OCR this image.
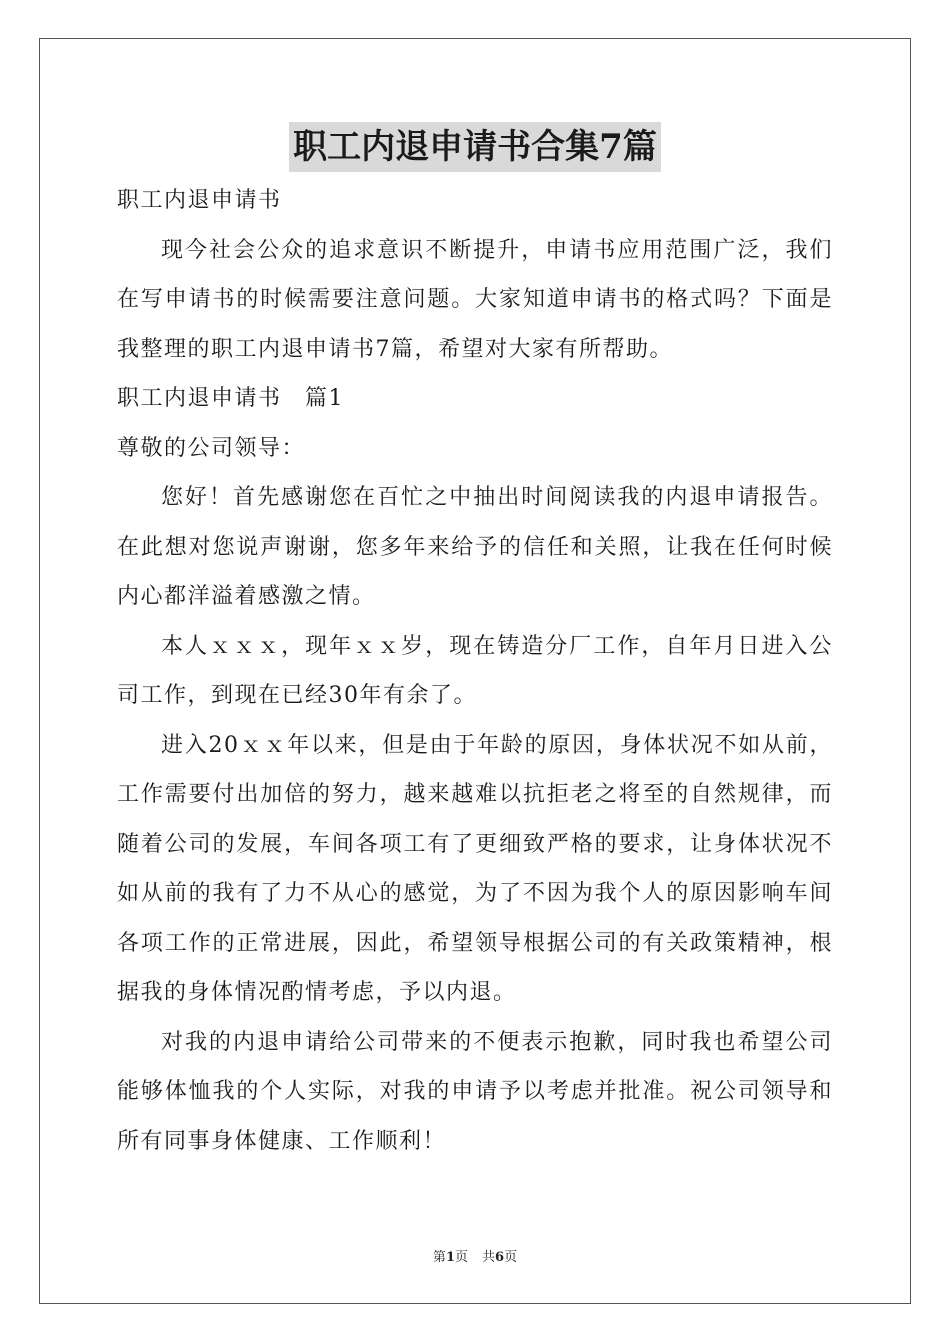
职工内退申请书合集7篇

职工内退申请书

现今社会公众的追求意识不断提升，申请书应用范围广泛，我们在写申请书的时候需要注意问题。大家知道申请书的格式吗？下面是我整理的职工内退申请书7篇，希望对大家有所帮助。

职工内退申请书　篇1

尊敬的公司领导：

您好！首先感谢您在百忙之中抽出时间阅读我的内退申请报告。在此想对您说声谢谢，您多年来给予的信任和关照，让我在任何时候内心都洋溢着感激之情。

本人ｘｘｘ，现年ｘｘ岁，现在铸造分厂工作，自年月日进入公司工作，到现在已经30年有余了。

进入20ｘｘ年以来，但是由于年龄的原因，身体状况不如从前，工作需要付出加倍的努力，越来越难以抗拒老之将至的自然规律，而随着公司的发展，车间各项工有了更细致严格的要求，让身体状况不如从前的我有了力不从心的感觉，为了不因为我个人的原因影响车间各项工作的正常进展，因此，希望领导根据公司的有关政策精神，根据我的身体情况酌情考虑，予以内退。

对我的内退申请给公司带来的不便表示抱歉，同时我也希望公司能够体恤我的个人实际，对我的申请予以考虑并批准。祝公司领导和所有同事身体健康、工作顺利！

第1页 共6页
